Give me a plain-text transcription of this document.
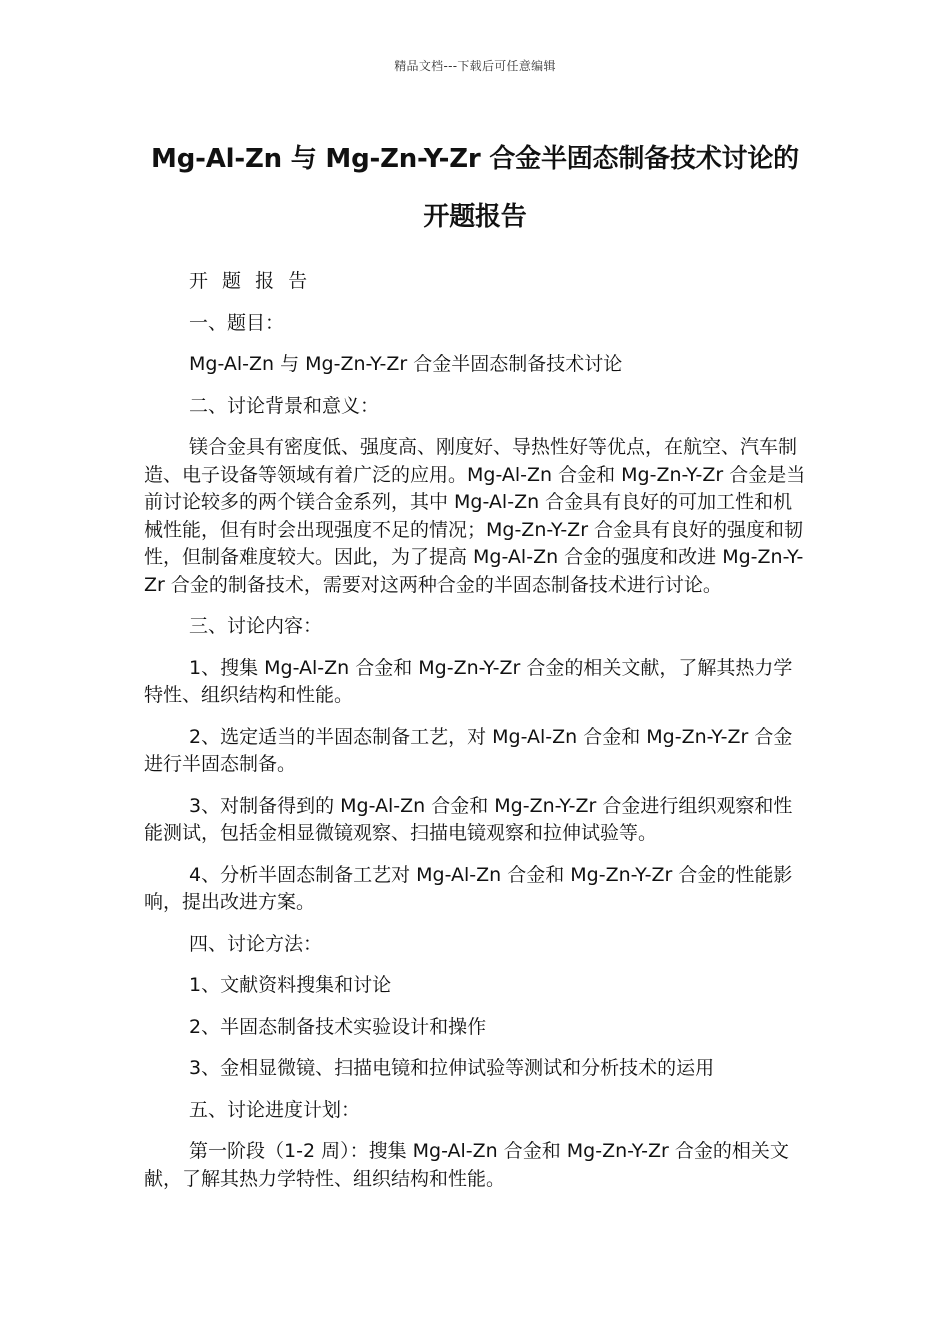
精品文档---下载后可任意编辑
Mg-Al-Zn 与 Mg-Zn-Y-Zr 合金半固态制备技术讨论的
开题报告

开 题 报 告

一、题目：

Mg-Al-Zn 与 Mg-Zn-Y-Zr 合金半固态制备技术讨论

二、讨论背景和意义：

镁合金具有密度低、强度高、刚度好、导热性好等优点，在航空、汽车制造、电子设备等领域有着广泛的应用。Mg-Al-Zn 合金和 Mg-Zn-Y-Zr 合金是当前讨论较多的两个镁合金系列，其中 Mg-Al-Zn 合金具有良好的可加工性和机械性能，但有时会出现强度不足的情况；Mg-Zn-Y-Zr 合金具有良好的强度和韧性，但制备难度较大。因此，为了提高 Mg-Al-Zn 合金的强度和改进 Mg-Zn-Y-Zr 合金的制备技术，需要对这两种合金的半固态制备技术进行讨论。

三、讨论内容：

1、搜集 Mg-Al-Zn 合金和 Mg-Zn-Y-Zr 合金的相关文献，了解其热力学特性、组织结构和性能。

2、选定适当的半固态制备工艺，对 Mg-Al-Zn 合金和 Mg-Zn-Y-Zr 合金进行半固态制备。

3、对制备得到的 Mg-Al-Zn 合金和 Mg-Zn-Y-Zr 合金进行组织观察和性能测试，包括金相显微镜观察、扫描电镜观察和拉伸试验等。

4、分析半固态制备工艺对 Mg-Al-Zn 合金和 Mg-Zn-Y-Zr 合金的性能影响，提出改进方案。

四、讨论方法：

1、文献资料搜集和讨论

2、半固态制备技术实验设计和操作

3、金相显微镜、扫描电镜和拉伸试验等测试和分析技术的运用

五、讨论进度计划：

第一阶段（1-2 周）：搜集 Mg-Al-Zn 合金和 Mg-Zn-Y-Zr 合金的相关文献，了解其热力学特性、组织结构和性能。
